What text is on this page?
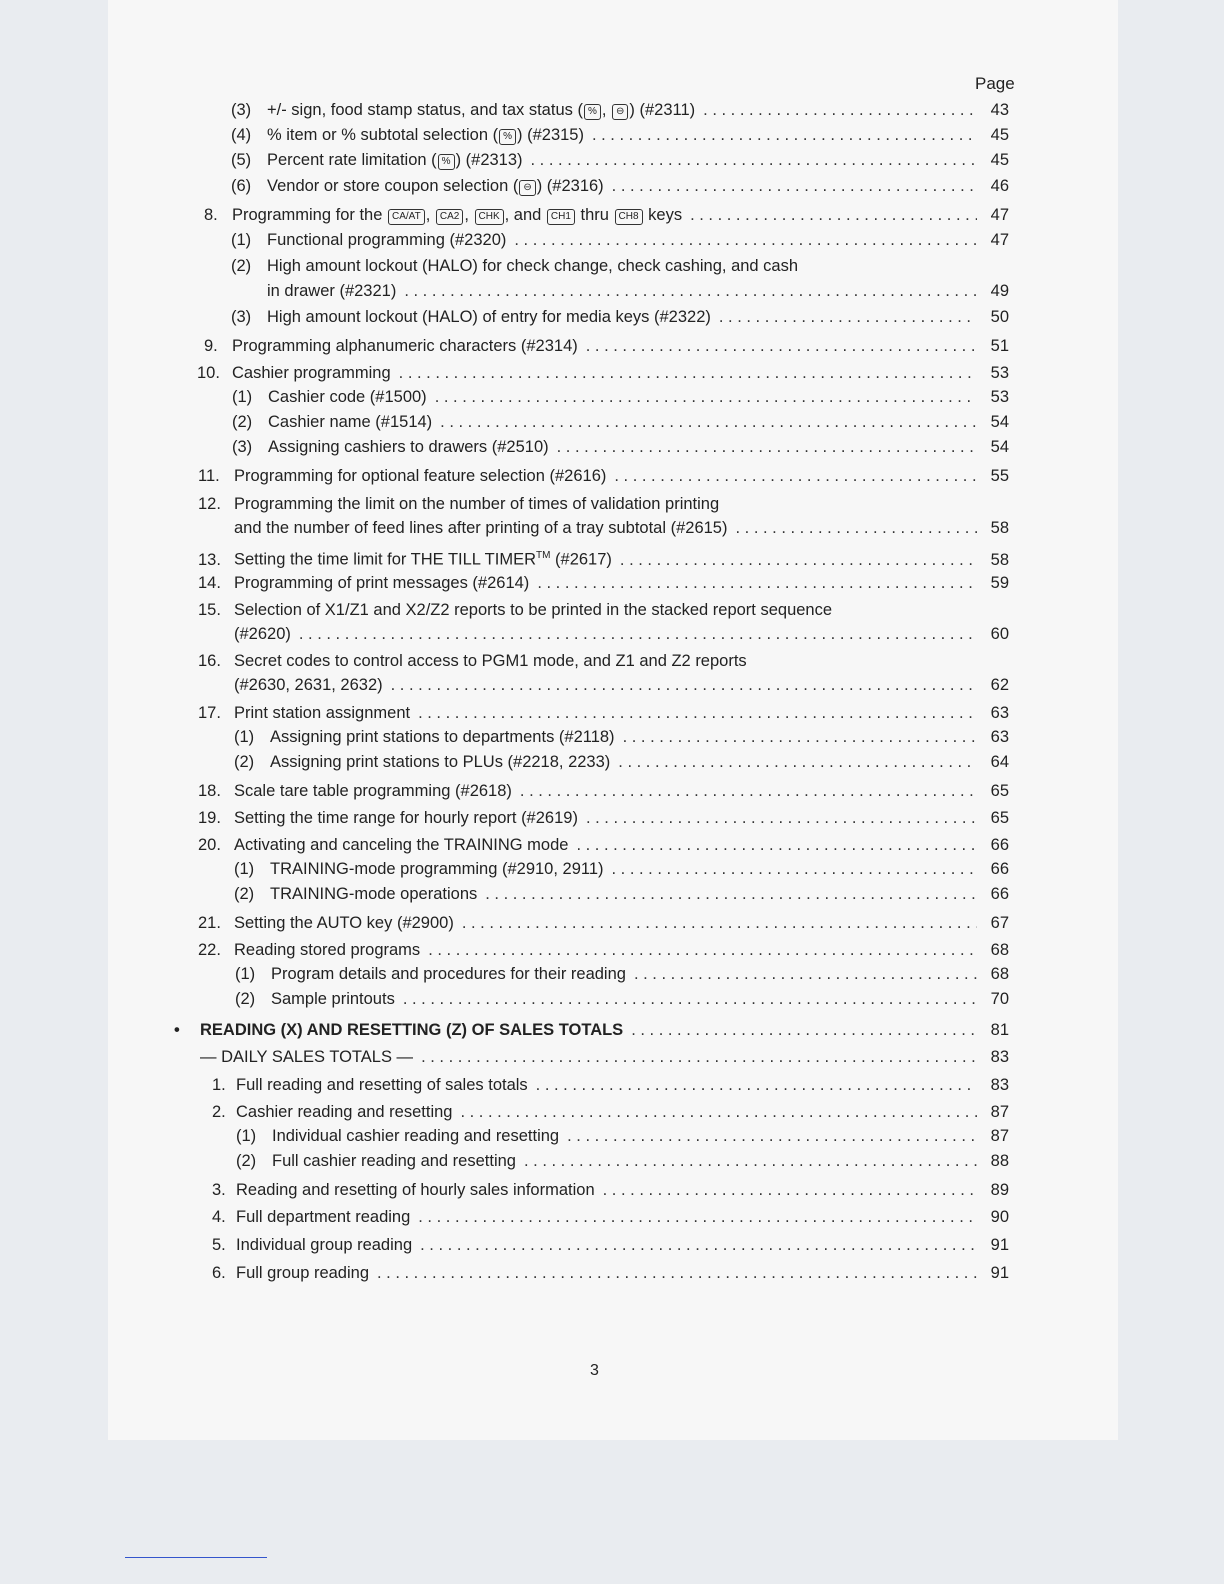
Page
(3) +/- sign, food stamp status, and tax status ( % , ⊖ ) (#2311) . . .	43
(4) % item or % subtotal selection ( % ) (#2315) . . .	45
(5) Percent rate limitation ( % ) (#2313) . . .	45
(6) Vendor or store coupon selection ( ⊖ ) (#2316) . . .	46
8. Programming for the CA/AT , CA2 , CHK , and CH1 thru CH8 keys . . .	47
(1) Functional programming (#2320) . . .	47
(2) High amount lockout (HALO) for check change, check cashing, and cash
in drawer (#2321) . . .	49
(3) High amount lockout (HALO) of entry for media keys (#2322) . . .	50
9. Programming alphanumeric characters (#2314) . . .	51
10. Cashier programming . . .	53
(1) Cashier code (#1500) . . .	53
(2) Cashier name (#1514) . . .	54
(3) Assigning cashiers to drawers (#2510) . . .	54
11. Programming for optional feature selection (#2616) . . .	55
12. Programming the limit on the number of times of validation printing
and the number of feed lines after printing of a tray subtotal (#2615) . . .	58
13. Setting the time limit for THE TILL TIMER™ (#2617) . . .	58
14. Programming of print messages (#2614) . . .	59
15. Selection of X1/Z1 and X2/Z2 reports to be printed in the stacked report sequence
(#2620) . . .	60
16. Secret codes to control access to PGM1 mode, and Z1 and Z2 reports
(#2630, 2631, 2632) . . .	62
17. Print station assignment . . .	63
(1) Assigning print stations to departments (#2118) . . .	63
(2) Assigning print stations to PLUs (#2218, 2233) . . .	64
18. Scale tare table programming (#2618) . . .	65
19. Setting the time range for hourly report (#2619) . . .	65
20. Activating and canceling the TRAINING mode . . .	66
(1) TRAINING-mode programming (#2910, 2911) . . .	66
(2) TRAINING-mode operations . . .	66
21. Setting the AUTO key (#2900) . . .	67
22. Reading stored programs . . .	68
(1) Program details and procedures for their reading . . .	68
(2) Sample printouts . . .	70
•	READING (X) AND RESETTING (Z) OF SALES TOTALS . . .	81
— DAILY SALES TOTALS — . . .	83
1. Full reading and resetting of sales totals . . .	83
2. Cashier reading and resetting . . .	87
(1) Individual cashier reading and resetting . . .	87
(2) Full cashier reading and resetting . . .	88
3. Reading and resetting of hourly sales information . . .	89
4. Full department reading . . .	90
5. Individual group reading . . .	91
6. Full group reading . . .	91
3
